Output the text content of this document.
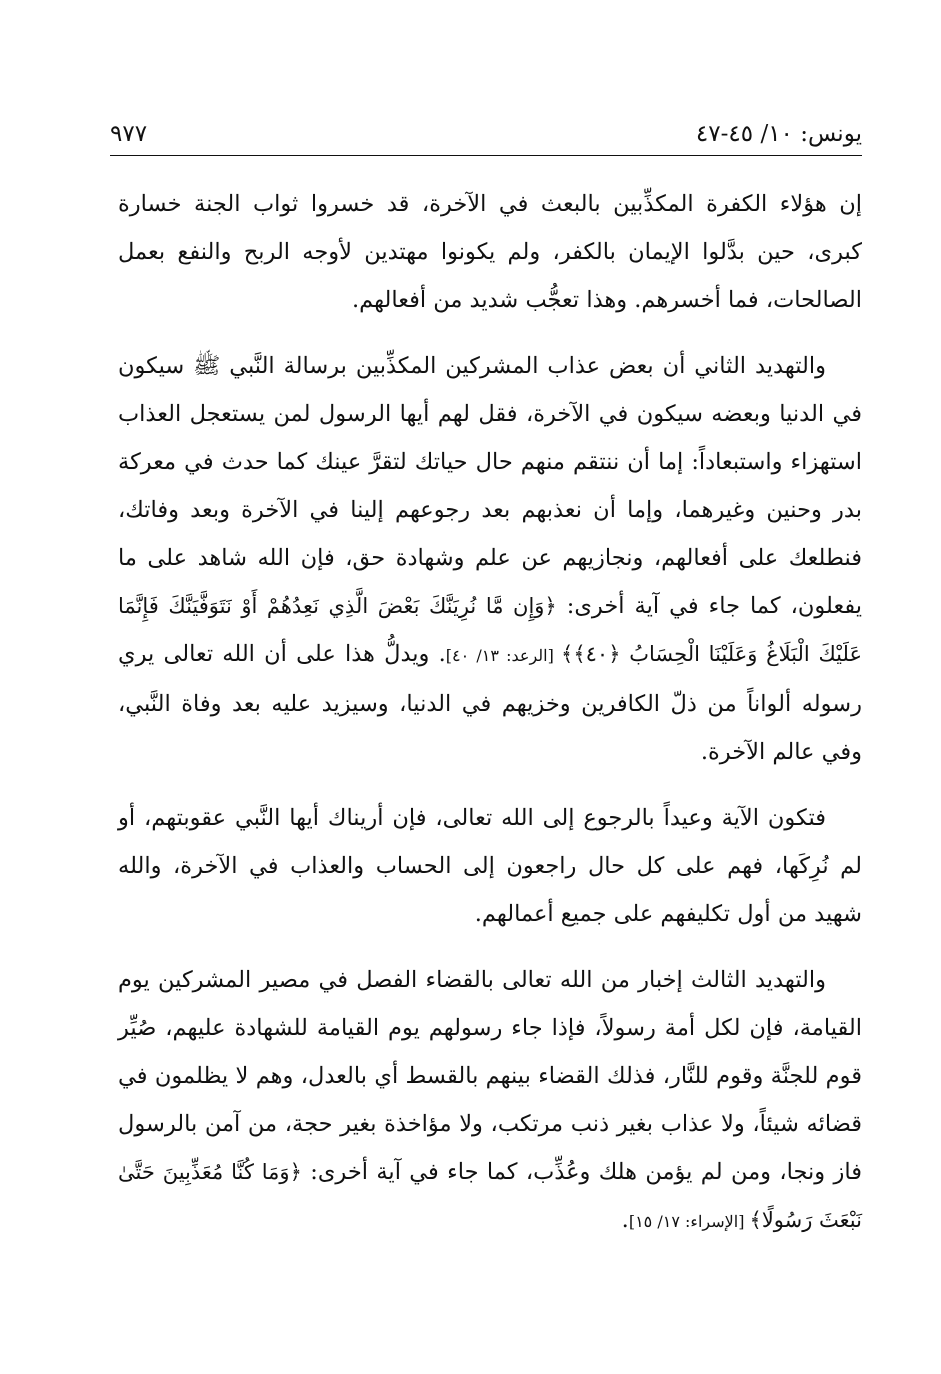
يونس: ١٠/ ٤٥-٤٧
٩٧٧

إن هؤلاء الكفرة المكذِّبين بالبعث في الآخرة، قد خسروا ثواب الجنة خسارة كبرى، حين بدَّلوا الإيمان بالكفر، ولم يكونوا مهتدين لأوجه الربح والنفع بعمل الصالحات، فما أخسرهم. وهذا تعجُّب شديد من أفعالهم.

والتهديد الثاني أن بعض عذاب المشركين المكذِّبين برسالة النَّبي ﷺ سيكون في الدنيا وبعضه سيكون في الآخرة، فقل لهم أيها الرسول لمن يستعجل العذاب استهزاء واستبعاداً: إما أن ننتقم منهم حال حياتك لتقرَّ عينك كما حدث في معركة بدر وحنين وغيرهما، وإما أن نعذبهم بعد رجوعهم إلينا في الآخرة وبعد وفاتك، فنطلعك على أفعالهم، ونجازيهم عن علم وشهادة حق، فإن الله شاهد على ما يفعلون، كما جاء في آية أخرى: ﴿وَإِن مَّا نُرِيَنَّكَ بَعْضَ الَّذِي نَعِدُهُمْ أَوْ نَتَوَفَّيَنَّكَ فَإِنَّمَا عَلَيْكَ الْبَلَاغُ وَعَلَيْنَا الْحِسَابُ ﴿٤٠﴾﴾ [الرعد: ١٣/ ٤٠]. ويدلُّ هذا على أن الله تعالى يري رسوله ألواناً من ذلّ الكافرين وخزيهم في الدنيا، وسيزيد عليه بعد وفاة النَّبي، وفي عالم الآخرة.

فتكون الآية وعيداً بالرجوع إلى الله تعالى، فإن أريناك أيها النَّبي عقوبتهم، أو لم نُرِكَها، فهم على كل حال راجعون إلى الحساب والعذاب في الآخرة، والله شهيد من أول تكليفهم على جميع أعمالهم.

والتهديد الثالث إخبار من الله تعالى بالقضاء الفصل في مصير المشركين يوم القيامة، فإن لكل أمة رسولاً، فإذا جاء رسولهم يوم القيامة للشهادة عليهم، صُيِّر قوم للجنَّة وقوم للنَّار، فذلك القضاء بينهم بالقسط أي بالعدل، وهم لا يظلمون في قضائه شيئاً، ولا عذاب بغير ذنب مرتكب، ولا مؤاخذة بغير حجة، من آمن بالرسول فاز ونجا، ومن لم يؤمن هلك وعُذِّب، كما جاء في آية أخرى: ﴿وَمَا كُنَّا مُعَذِّبِينَ حَتَّىٰ نَبْعَثَ رَسُولًا﴾ [الإسراء: ١٧/ ١٥].
